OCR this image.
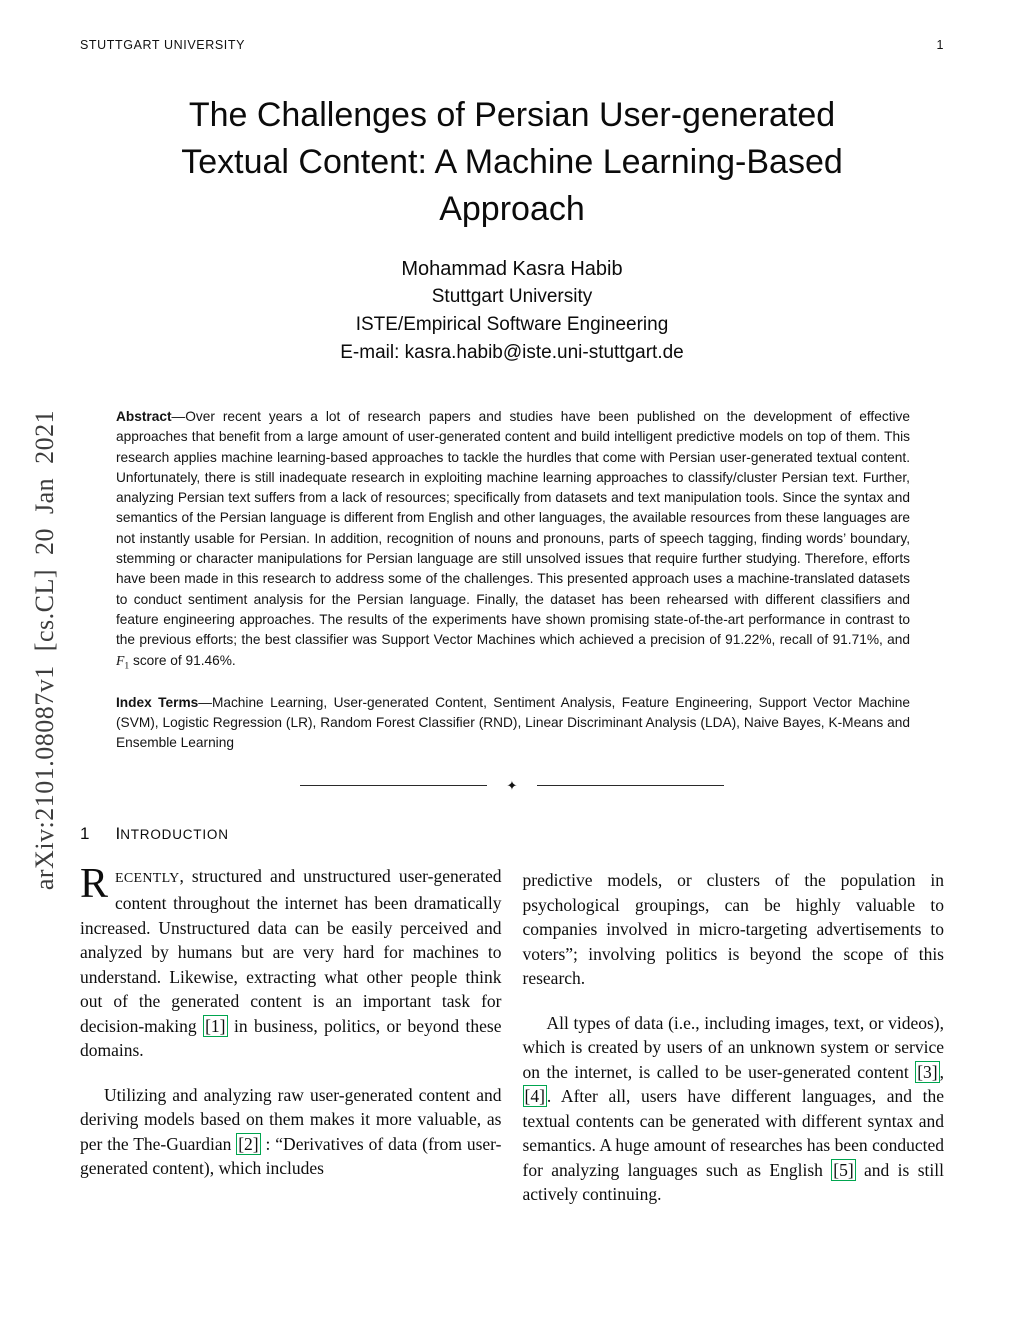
STUTTGART UNIVERSITY	1
arXiv:2101.08087v1 [cs.CL] 20 Jan 2021
The Challenges of Persian User-generated
Textual Content: A Machine Learning-Based
Approach
Mohammad Kasra Habib
Stuttgart University
ISTE/Empirical Software Engineering
E-mail: kasra.habib@iste.uni-stuttgart.de

Abstract—Over recent years a lot of research papers and studies have been published on the development of effective approaches that benefit from a large amount of user-generated content and build intelligent predictive models on top of them. This research applies machine learning-based approaches to tackle the hurdles that come with Persian user-generated textual content. Unfortunately, there is still inadequate research in exploiting machine learning approaches to classify/cluster Persian text. Further, analyzing Persian text suffers from a lack of resources; specifically from datasets and text manipulation tools. Since the syntax and semantics of the Persian language is different from English and other languages, the available resources from these languages are not instantly usable for Persian. In addition, recognition of nouns and pronouns, parts of speech tagging, finding words’ boundary, stemming or character manipulations for Persian language are still unsolved issues that require further studying. Therefore, efforts have been made in this research to address some of the challenges. This presented approach uses a machine-translated datasets to conduct sentiment analysis for the Persian language. Finally, the dataset has been rehearsed with different classifiers and feature engineering approaches. The results of the experiments have shown promising state-of-the-art performance in contrast to the previous efforts; the best classifier was Support Vector Machines which achieved a precision of 91.22%, recall of 91.71%, and $F_1$ score of 91.46%.

Index Terms—Machine Learning, User-generated Content, Sentiment Analysis, Feature Engineering, Support Vector Machine (SVM), Logistic Regression (LR), Random Forest Classifier (RND), Linear Discriminant Analysis (LDA), Naive Bayes, K-Means and Ensemble Learning

✦
1 INTRODUCTION

RECENTLY, structured and unstructured user-generated content throughout the internet has been dramatically increased. Unstructured data can be easily perceived and analyzed by humans but are very hard for machines to understand. Likewise, extracting what other people think out of the generated content is an important task for decision-making [1] in business, politics, or beyond these domains.

Utilizing and analyzing raw user-generated content and deriving models based on them makes it more valuable, as per the The-Guardian [2] : “Derivatives of data (from user-generated content), which includes

predictive models, or clusters of the population in psychological groupings, can be highly valuable to companies involved in micro-targeting advertisements to voters”; involving politics is beyond the scope of this research.

All types of data (i.e., including images, text, or videos), which is created by users of an unknown system or service on the internet, is called to be user-generated content [3] , [4] . After all, users have different languages, and the textual contents can be generated with different syntax and semantics. A huge amount of researches has been conducted for analyzing languages such as English [5] and is still actively continuing.
